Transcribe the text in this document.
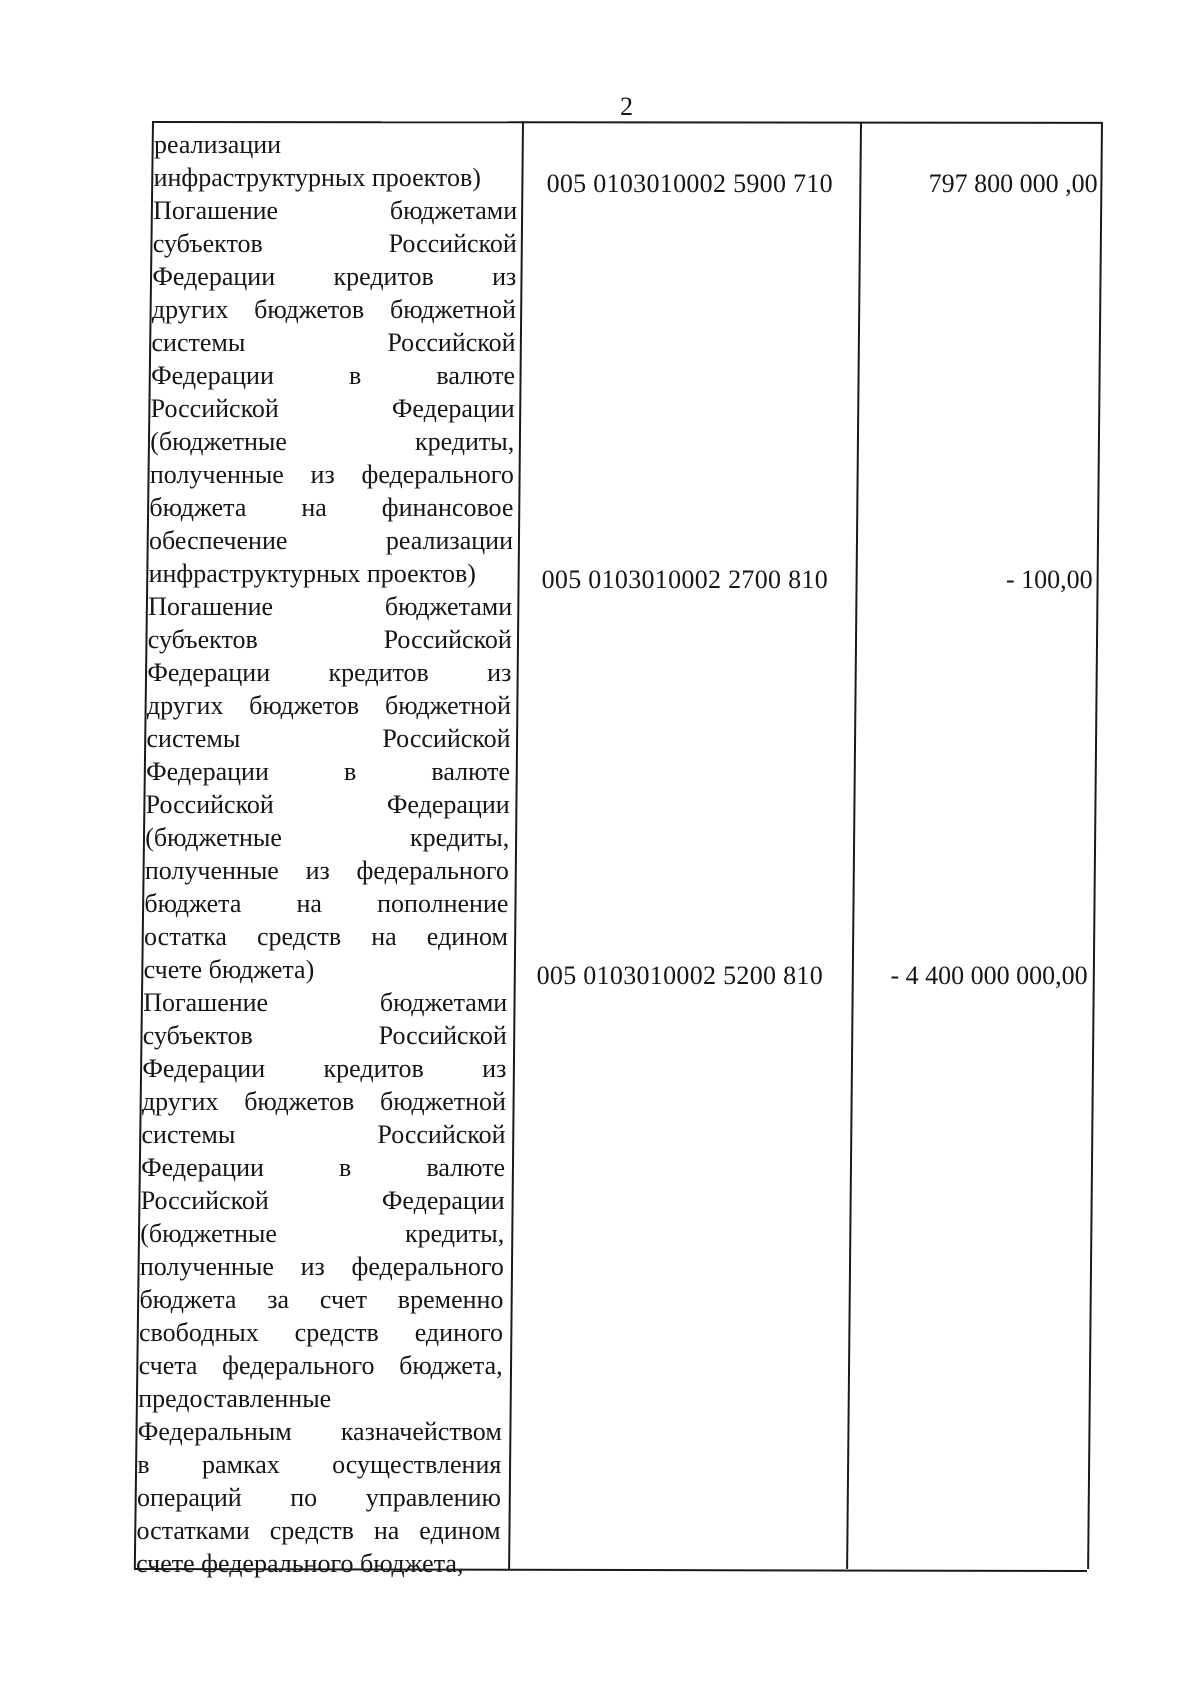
2
реализации
инфраструктурных проектов)	005 0103010002 5900 710	797 800 000 ,00
Погашение бюджетами
субъектов Российской
Федерации кредитов из
других бюджетов бюджетной
системы Российской
Федерации в валюте
Российской Федерации
(бюджетные кредиты,
полученные из федерального
бюджета на финансовое
обеспечение реализации
инфраструктурных проектов)	005 0103010002 2700 810	- 100,00
Погашение бюджетами
субъектов Российской
Федерации кредитов из
других бюджетов бюджетной
системы Российской
Федерации в валюте
Российской Федерации
(бюджетные кредиты,
полученные из федерального
бюджета на пополнение
остатка средств на едином
счете бюджета)	005 0103010002 5200 810	- 4 400 000 000,00
Погашение бюджетами
субъектов Российской
Федерации кредитов из
других бюджетов бюджетной
системы Российской
Федерации в валюте
Российской Федерации
(бюджетные кредиты,
полученные из федерального
бюджета за счет временно
свободных средств единого
счета федерального бюджета,
предоставленные
Федеральным казначейством
в рамках осуществления
операций по управлению
остатками средств на едином
счете федерального бюджета,
